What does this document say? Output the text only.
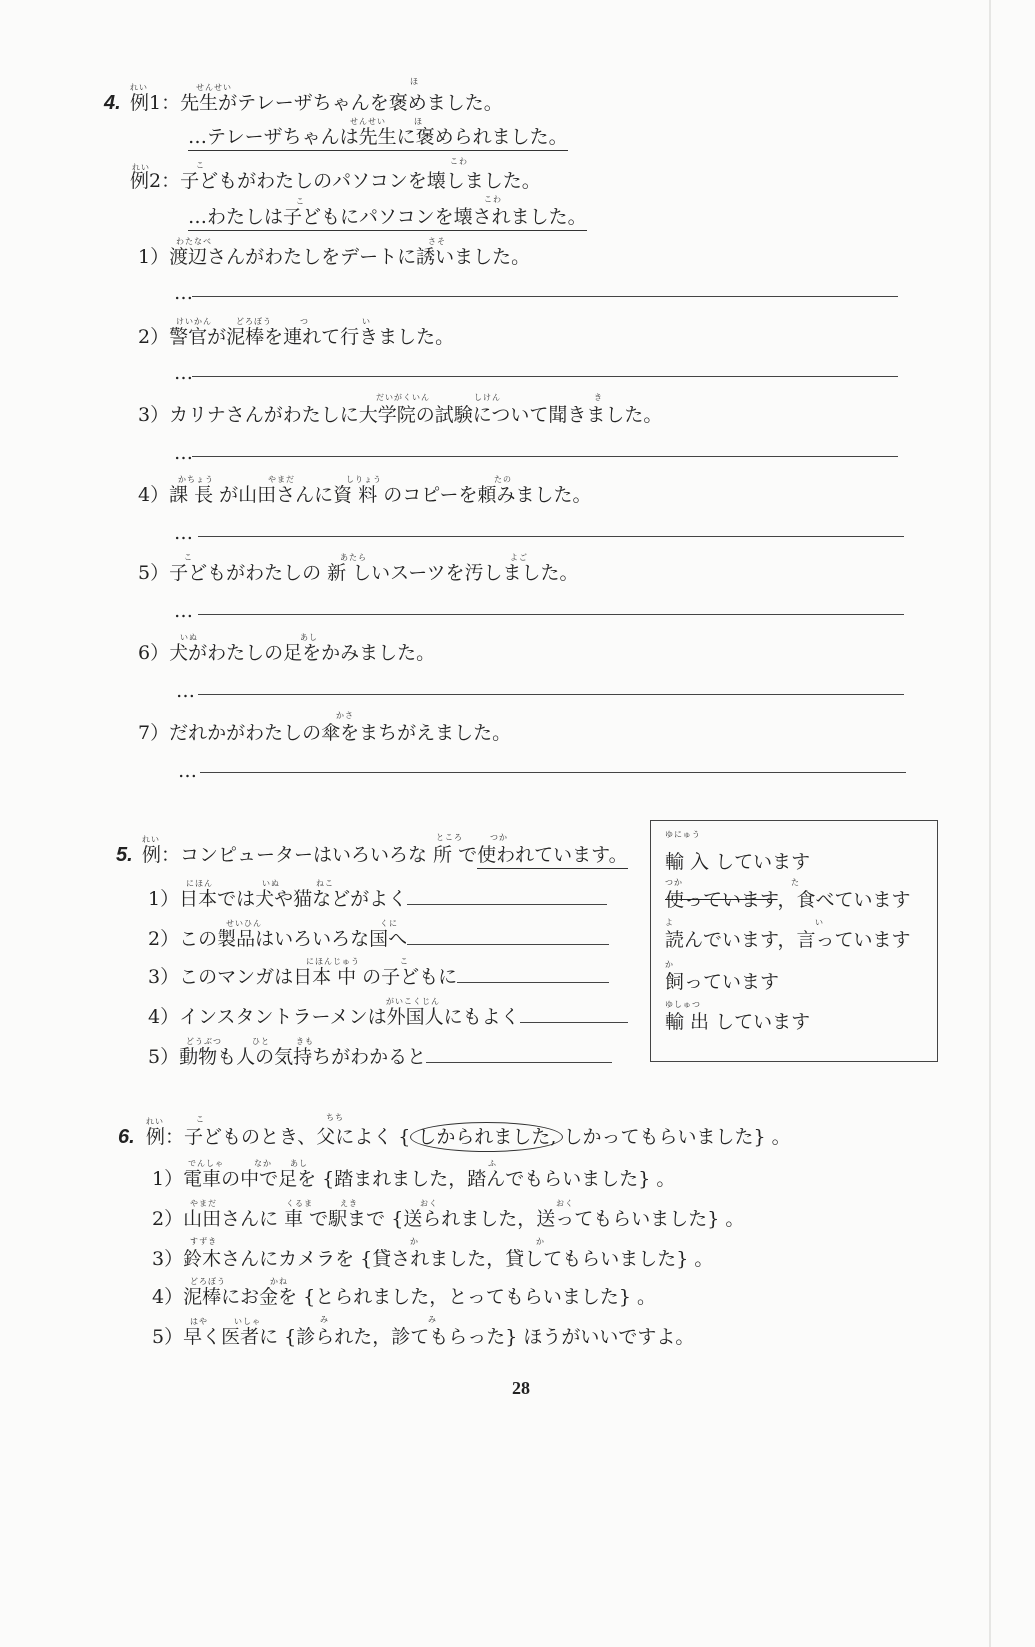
4.
れい	せんせい
ほ
例1：先生がテレーザちゃんを褒めました。
せんせい	ほ
…テレーザちゃんは先生に褒められました。
れい	こ	こわ
例2：子どもがわたしのパソコンを壊しました。
こ	こわ
…わたしは子どもにパソコンを壊されました。
わたなべ	さそ
1）渡辺さんがわたしをデートに誘いました。
…
けいかん	どろぼう	つ	い
2）警官が泥棒を連れて行きました。
…
だいがくいん	しけん	き
3）カリナさんがわたしに大学院の試験について聞きました。
…
かちょう	やまだ	しりょう	たの
4）課 長 が山田さんに資 料 のコピーを頼みました。
…
こ	あたら	よご
5）子どもがわたしの 新 しいスーツを汚しました。
…
いぬ	あし
6）犬がわたしの足をかみました。
…
かさ
7）だれかがわたしの傘をまちがえました。
…
5.
れい	ところ	つか
例：コンピューターはいろいろな 所 で使われています。
にほん	いぬ	ねこ
1）日本では犬や猫などがよく
せいひん	くに
2）この製品はいろいろな国へ
にほんじゅう	こ
3）このマンガは日本 中 の子どもに
がいこくじん
4）インスタントラーメンは外国人にもよく
どうぶつ	ひと	きも
5）動物も人の気持ちがわかると
ゆにゅう
輸 入 しています
つか	た
使っています，食べています
よ	い
読んでいます，言っています
か
飼っています
ゆしゅつ
輸 出 しています
6.
れい	こ	ちち
例：子どものとき、父によく { しかられました, しかってもらいました} 。
でんしゃ	なか あし	ふ
1）電車の中で足を {踏まれました，踏んでもらいました} 。
やまだ	くるま	えき	おく	おく
2）山田さんに 車 で駅まで {送られました，送ってもらいました} 。
すずき	か	か
3）鈴木さんにカメラを {貸されました，貸してもらいました} 。
どろぼう	かね
4）泥棒にお金を {とられました，とってもらいました} 。
はや	いしゃ	み	み
5）早く医者に {診られた，診てもらった} ほうがいいですよ。
28
